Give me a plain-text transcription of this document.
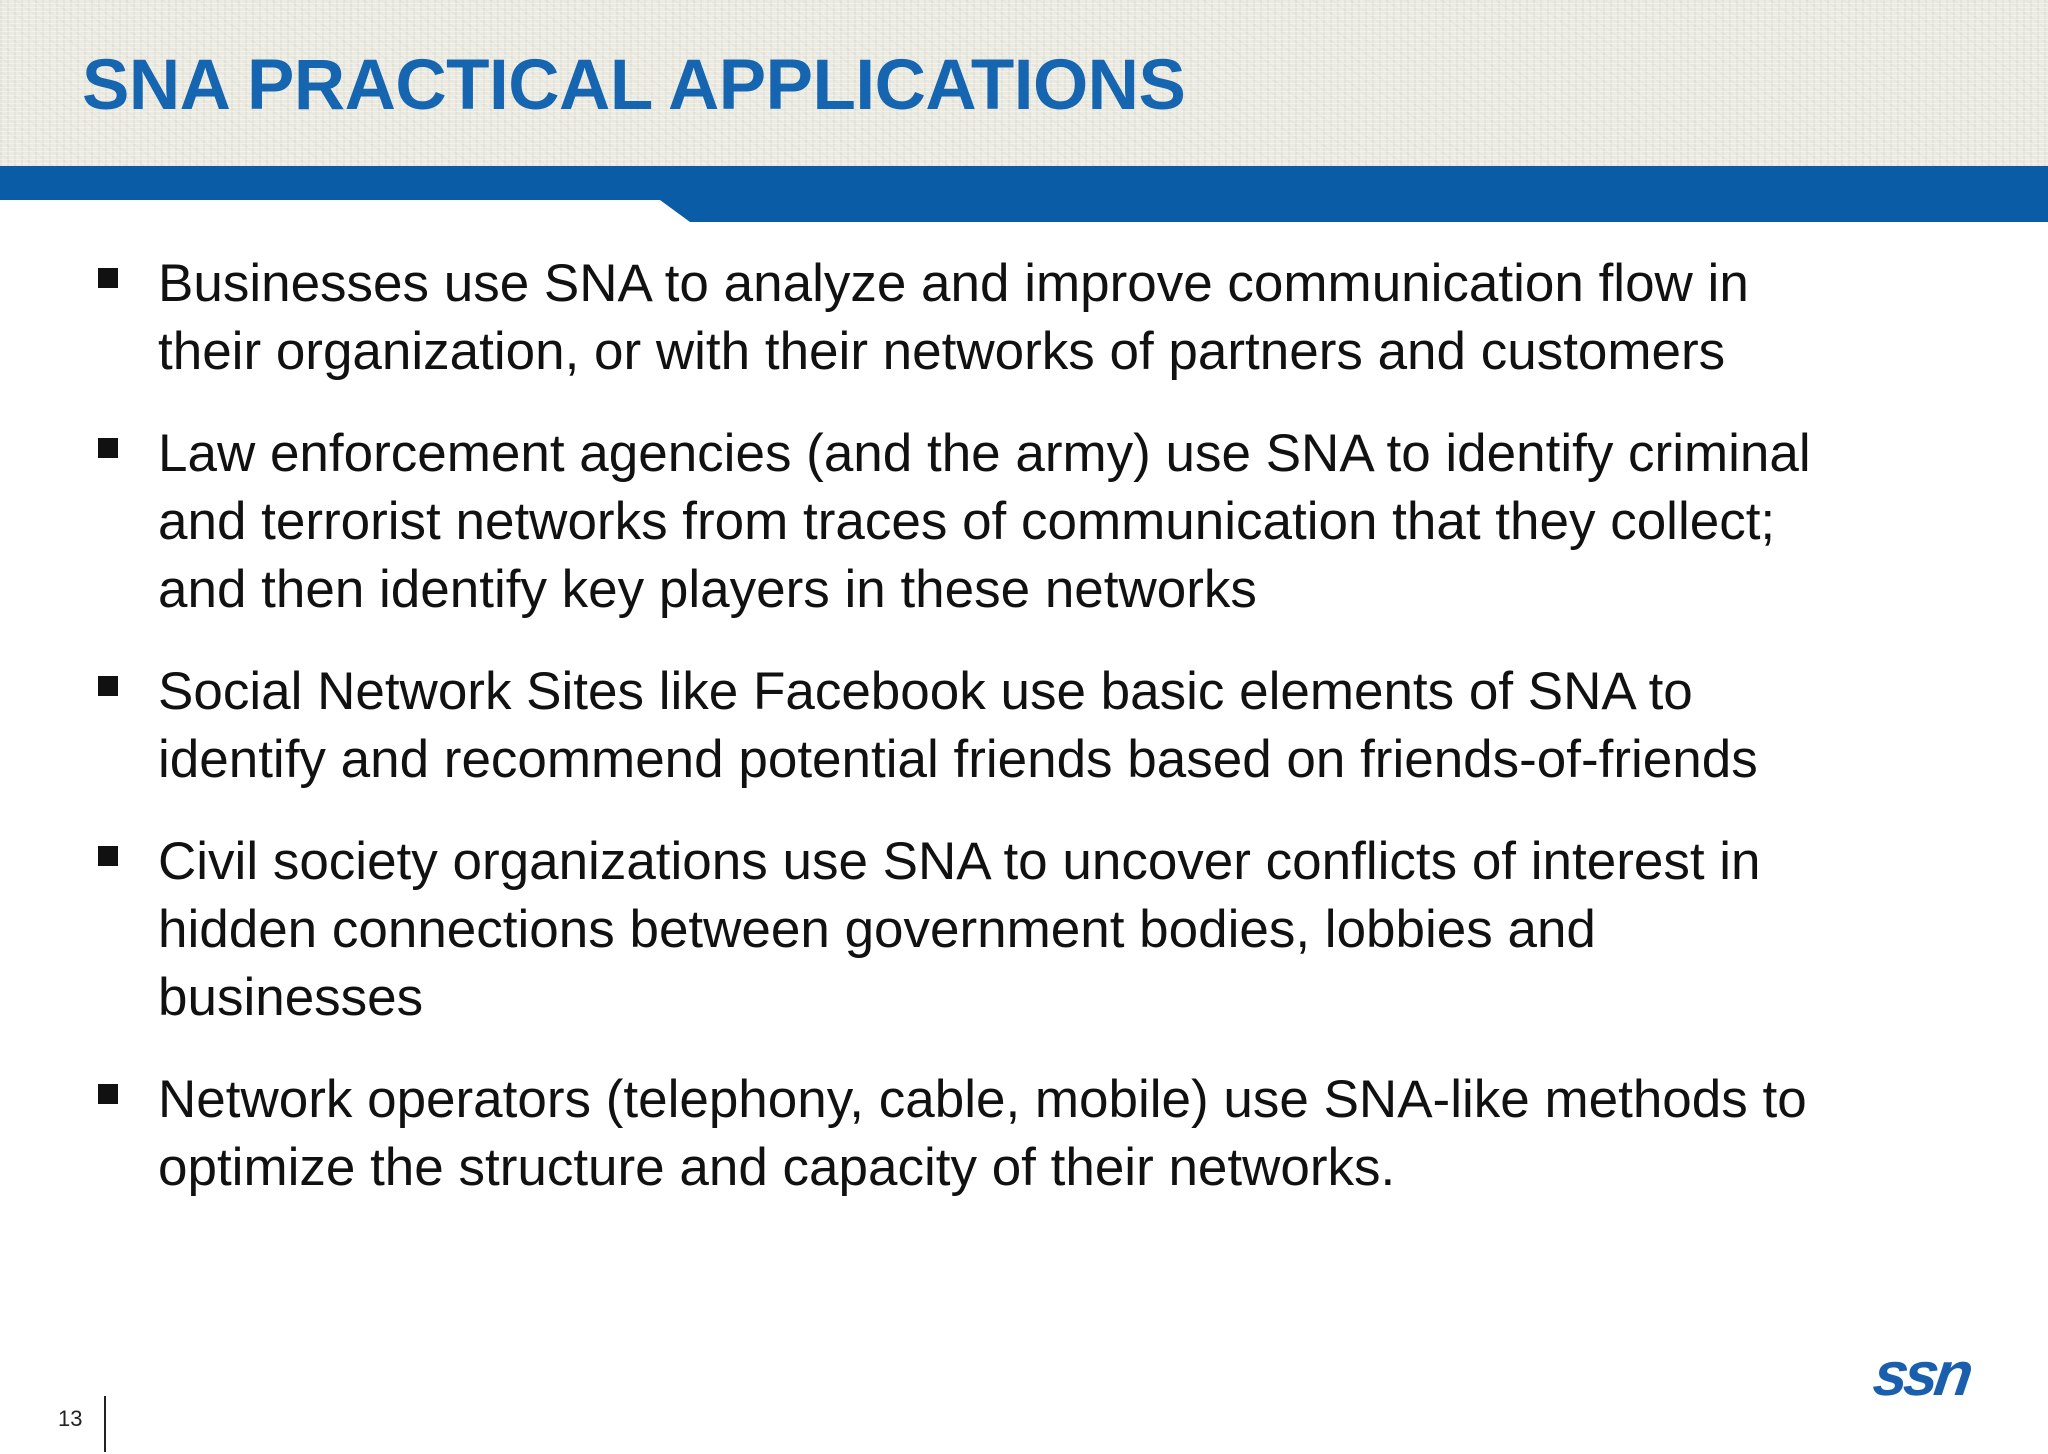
SNA PRACTICAL APPLICATIONS
Businesses use SNA to analyze and improve communication flow in
their organization, or with their networks of partners and customers
Law enforcement agencies (and the army) use SNA to identify criminal
and terrorist networks from traces of communication that they collect;
and then identify key players in these networks
Social Network Sites like Facebook use basic elements of SNA to
identify and recommend potential friends based on friends-of-friends
Civil society organizations use SNA to uncover conflicts of interest in
hidden connections between government bodies, lobbies and
businesses
Network operators (telephony, cable, mobile) use SNA-like methods to
optimize the structure and capacity of their networks.
13
ssn
